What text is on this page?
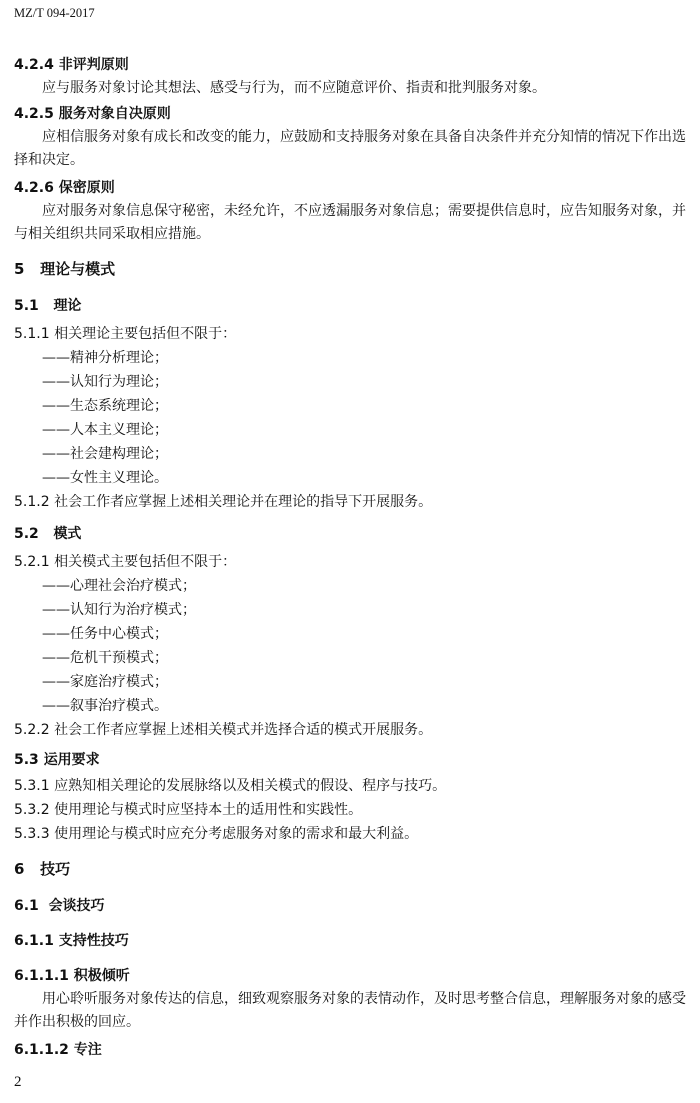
MZ/T 094-2017
4.2.4 非评判原则
应与服务对象讨论其想法、感受与行为，而不应随意评价、指责和批判服务对象。
4.2.5 服务对象自决原则
应相信服务对象有成长和改变的能力，应鼓励和支持服务对象在具备自决条件并充分知情的情况下作出选择和决定。
4.2.6 保密原则
应对服务对象信息保守秘密，未经允许，不应透漏服务对象信息；需要提供信息时，应告知服务对象，并与相关组织共同采取相应措施。
5 理论与模式
5.1 理论
5.1.1 相关理论主要包括但不限于：
——精神分析理论；
——认知行为理论；
——生态系统理论；
——人本主义理论；
——社会建构理论；
——女性主义理论。
5.1.2 社会工作者应掌握上述相关理论并在理论的指导下开展服务。
5.2 模式
5.2.1 相关模式主要包括但不限于：
——心理社会治疗模式；
——认知行为治疗模式；
——任务中心模式；
——危机干预模式；
——家庭治疗模式；
——叙事治疗模式。
5.2.2 社会工作者应掌握上述相关模式并选择合适的模式开展服务。
5.3 运用要求
5.3.1 应熟知相关理论的发展脉络以及相关模式的假设、程序与技巧。
5.3.2 使用理论与模式时应坚持本土的适用性和实践性。
5.3.3 使用理论与模式时应充分考虑服务对象的需求和最大利益。
6 技巧
6.1 会谈技巧
6.1.1 支持性技巧
6.1.1.1 积极倾听
用心聆听服务对象传达的信息，细致观察服务对象的表情动作，及时思考整合信息，理解服务对象的感受并作出积极的回应。
6.1.1.2 专注
2
